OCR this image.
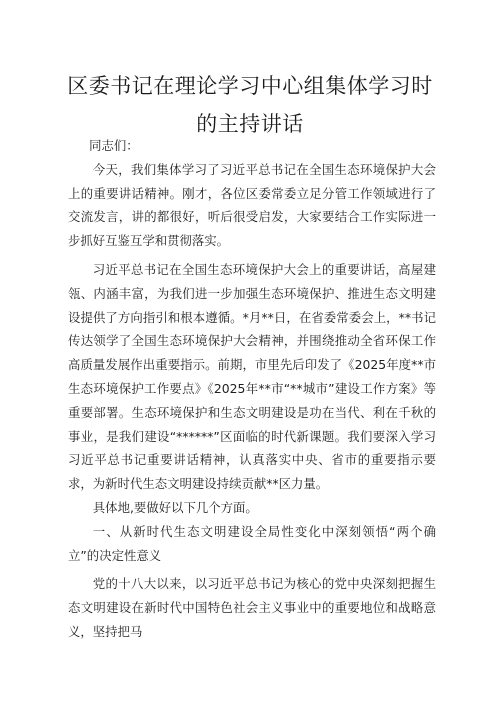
区委书记在理论学习中心组集体学习时
的主持讲话

同志们：

今天，我们集体学习了习近平总书记在全国生态环境保护大会上的重要讲话精神。刚才，各位区委常委立足分管工作领域进行了交流发言，讲的都很好，听后很受启发，大家要结合工作实际进一步抓好互鉴互学和贯彻落实。

习近平总书记在全国生态环境保护大会上的重要讲话，高屋建瓴、内涵丰富，为我们进一步加强生态环境保护、推进生态文明建设提供了方向指引和根本遵循。*月**日，在省委常委会上，**书记传达领学了全国生态环境保护大会精神，并围绕推动全省环保工作高质量发展作出重要指示。前期，市里先后印发了《2025年度**市生态环境保护工作要点》《2025年**市“**城市”建设工作方案》等重要部署。生态环境保护和生态文明建设是功在当代、利在千秋的事业，是我们建设“******”区面临的时代新课题。我们要深入学习习近平总书记重要讲话精神，认真落实中央、省市的重要指示要求，为新时代生态文明建设持续贡献**区力量。

具体地,要做好以下几个方面。

一、从新时代生态文明建设全局性变化中深刻领悟“两个确立”的决定性意义

党的十八大以来，以习近平总书记为核心的党中央深刻把握生态文明建设在新时代中国特色社会主义事业中的重要地位和战略意义，坚持把马
